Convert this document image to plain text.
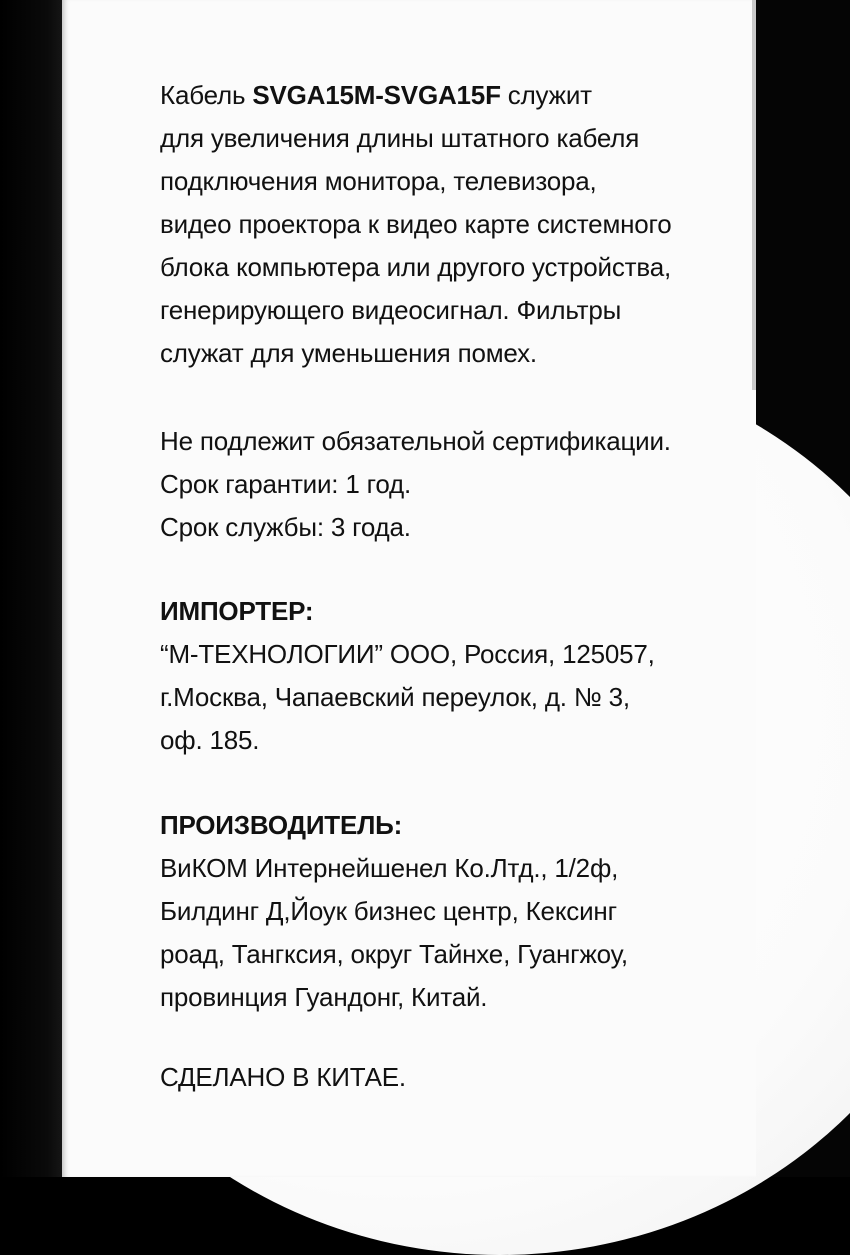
Кабель SVGA15M-SVGA15F служит

для увеличения длины штатного кабеля

подключения монитора, телевизора,

видео проектора к видео карте системного

блока компьютера или другого устройства,

генерирующего видеосигнал. Фильтры

служат для уменьшения помех.

Не подлежит обязательной сертификации.

Срок гарантии: 1 год.

Срок службы: 3 года.

ИМПОРТЕР:

“М-ТЕХНОЛОГИИ” ООО, Россия, 125057,

г.Москва, Чапаевский переулок, д. № 3,

оф. 185.

ПРОИЗВОДИТЕЛЬ:

ВиКОМ Интернейшенел Ко.Лтд., 1/2ф,

Билдинг Д,Йоук бизнес центр, Кексинг

роад, Тангксия, округ Тайнхе, Гуангжоу,

провинция Гуандонг, Китай.

СДЕЛАНО В КИТАЕ.
